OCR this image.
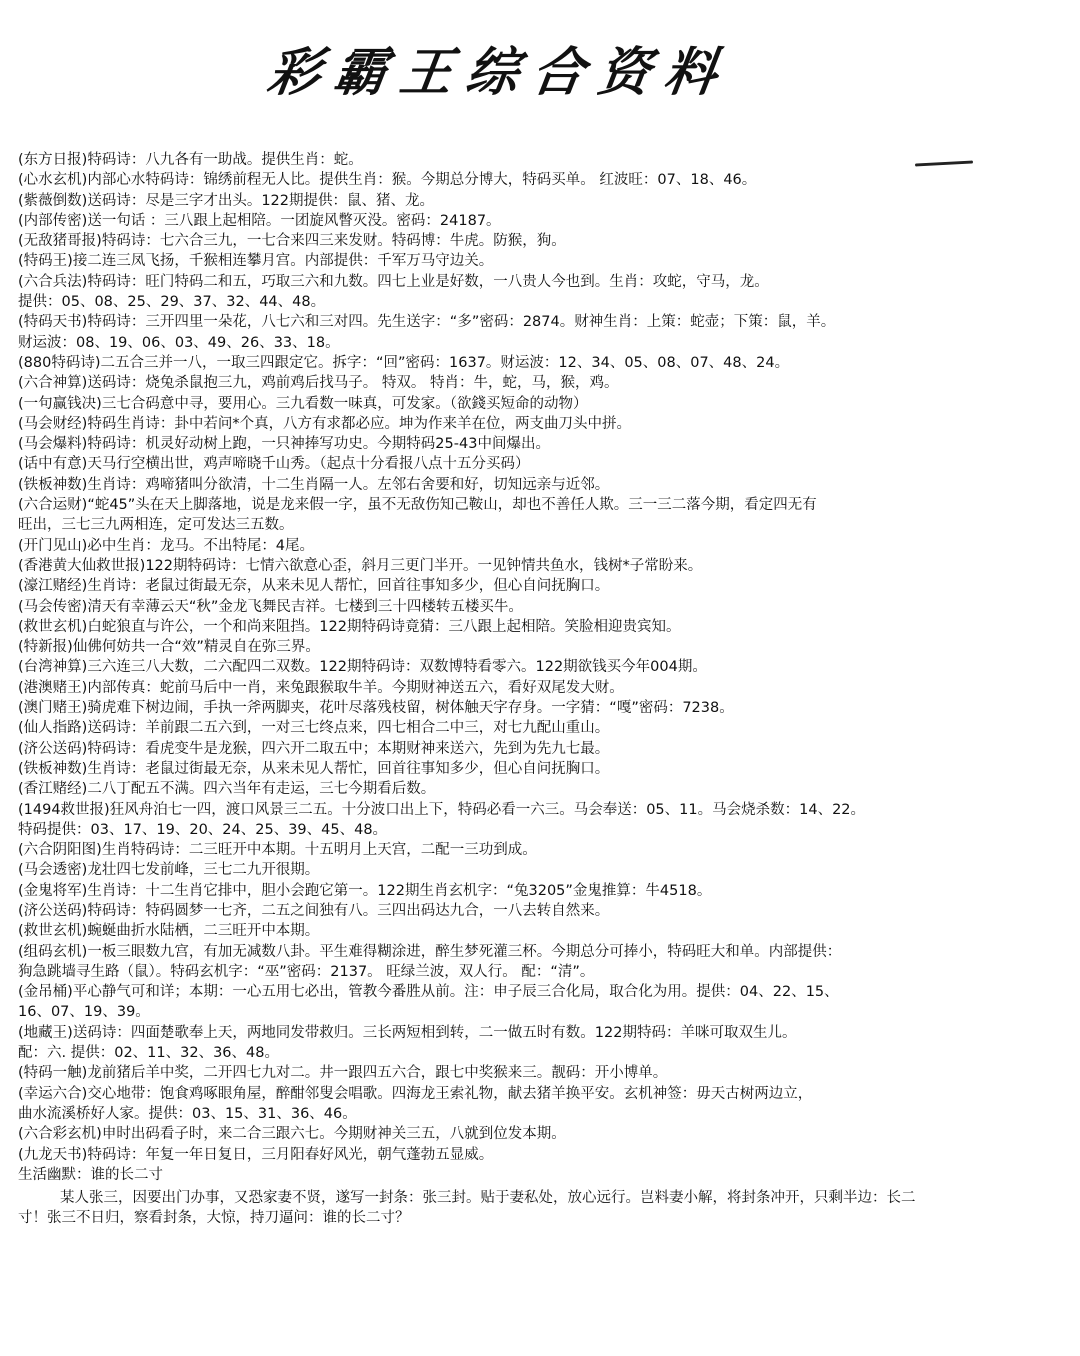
彩霸王综合资料
(东方日报)特码诗：八九各有一助战。提供生肖：蛇。
(心水玄机)内部心水特码诗：锦绣前程无人比。提供生肖：猴。今期总分博大，特码买单。 红波旺：07、18、46。
(紫薇倒数)送码诗：尽是三字才出头。122期提供：鼠、猪、龙。
(内部传密)送一句话 ：三八跟上起相陪。一团旋风瞥灭没。密码：24187。
(无敌猪哥报)特码诗：七六合三九，一七合来四三来发财。特码博：牛虎。防猴，狗。
(特码王)接二连三凤飞扬，千猴相连攀月宫。内部提供：千军万马守边关。
(六合兵法)特码诗：旺门特码二和五，巧取三六和九数。四七上业是好数，一八贵人今也到。生肖：攻蛇，守马，龙。
提供：05、08、25、29、37、32、44、48。
(特码天书)特码诗：三开四里一朵花，八七六和三对四。先生送字：“多”密码：2874。财神生肖：上策：蛇壶；下策：鼠，羊。
财运波：08、19、06、03、49、26、33、18。
(880特码诗)二五合三并一八，一取三四跟定它。拆字：“回”密码：1637。财运波：12、34、05、08、07、48、24。
(六合神算)送码诗：烧兔杀鼠抱三九，鸡前鸡后找马子。 特双。 特肖：牛，蛇，马，猴，鸡。
(一句赢钱决)三七合码意中寻，要用心。三九看数一味真，可发家。（欲錢买短命的动物）
(马会财经)特码生肖诗：卦中若问*个真，八方有求都必应。坤为作来羊在位，两支曲刀头中拼。
(马会爆料)特码诗：机灵好动树上跑，一只神捧写功史。今期特码25-43中间爆出。
(话中有意)天马行空横出世，鸡声啼晓千山秀。（起点十分看报八点十五分买码）
(铁板神数)生肖诗：鸡啼猪叫分欲清，十二生肖隔一人。左邻右舍要和好，切知远亲与近邻。
(六合运财)“蛇45”头在天上脚落地，说是龙来假一字，虽不无敌伤知己鞍山，却也不善任人欺。三一三二落今期，看定四无有
旺出，三七三九两相连，定可发达三五数。
(开门见山)必中生肖：龙马。不出特尾：4尾。
(香港黄大仙救世报)122期特码诗：七情六欲意心歪，斜月三更门半开。一见钟情共鱼水，钱树*子常盼来。
(濠江赌经)生肖诗：老鼠过街最无奈，从来未见人帮忙，回首往事知多少，但心自问抚胸口。
(马会传密)清天有幸薄云天“秋”金龙飞舞民吉祥。七楼到三十四楼转五楼买牛。
(救世玄机)白蛇狼直与许公，一个和尚来阻挡。122期特码诗竟猜：三八跟上起相陪。笑脸相迎贵宾知。
(特新报)仙佛何妨共一合“效”精灵自在弥三界。
(台湾神算)三六连三八大数，二六配四二双数。122期特码诗：双数博特看零六。122期欲钱买今年004期。
(港澳赌王)内部传真：蛇前马后中一肖，来兔跟猴取牛羊。今期财神送五六，看好双尾发大财。
(澳门赌王)骑虎难下树边闹，手执一斧两脚夹，花叶尽落残枝留，树体触天字存身。一字猜：“嘎”密码：7238。
(仙人指路)送码诗：羊前跟二五六到，一对三七终点来，四七相合二中三，对七九配山重山。
(济公送码)特码诗：看虎变牛是龙猴，四六开二取五中；本期财神来送六，先到为先九七最。
(铁板神数)生肖诗：老鼠过街最无奈，从来未见人帮忙，回首往事知多少，但心自问抚胸口。
(香江赌经)二八丁配五不满。四六当年有走运，三七今期看后数。
(1494救世报)狂风舟泊七一四，渡口风景三二五。十分波口出上下，特码必看一六三。马会奉送：05、11。马会烧杀数：14、22。
特码提供：03、17、19、20、24、25、39、45、48。
(六合阴阳图)生肖特码诗：二三旺开中本期。十五明月上天宫，二配一三功到成。
(马会透密)龙壮四七发前峰，三七二九开很期。
(金鬼将军)生肖诗：十二生肖它排中，胆小会跑它第一。122期生肖玄机字：“兔3205”金鬼推算：牛4518。
(济公送码)特码诗：特码圆梦一七齐，二五之间独有八。三四出码达九合，一八去转自然来。
(救世玄机)蜿蜒曲折水陆栖，二三旺开中本期。
(组码玄机)一板三眼数九宫，有加无减数八卦。平生难得糊涂进，醉生梦死灌三杯。今期总分可捧小，特码旺大和单。内部提供：
狗急跳墙寻生路（鼠）。特码玄机字：“巫”密码：2137。 旺绿兰波，双人行。 配：“清”。
(金吊桶)平心静气可和详；本期：一心五用七必出，管教今番胜从前。注：申子辰三合化局，取合化为用。提供：04、22、15、
16、07、19、39。
(地藏王)送码诗：四面楚歌奉上天，两地同发带救归。三长两短相到转，二一做五时有数。122期特码：羊咪可取双生儿。
配：六. 提供：02、11、32、36、48。
(特码一触)龙前猪后羊中奖，二开四七九对二。井一跟四五六合，跟七中奖猴来三。靓码：开小博单。
(幸运六合)交心地带：饱食鸡啄眼角屋，醉酣邻叟会唱歌。四海龙王索礼物，献去猪羊换平安。玄机神签：毋天古树两边立，
曲水流溪桥好人家。提供：03、15、31、36、46。
(六合彩玄机)申时出码看子时，来二合三跟六七。今期财神关三五，八就到位发本期。
(九龙天书)特码诗：年复一年日复日，三月阳春好风光，朝气蓬勃五显威。
生活幽默：谁的长二寸
某人张三，因要出门办事，又恐家妻不贤，遂写一封条：张三封。贴于妻私处，放心远行。岂料妻小解，将封条冲开，只剩半边：长二
寸！张三不日归，察看封条，大惊，持刀逼问：谁的长二寸？
